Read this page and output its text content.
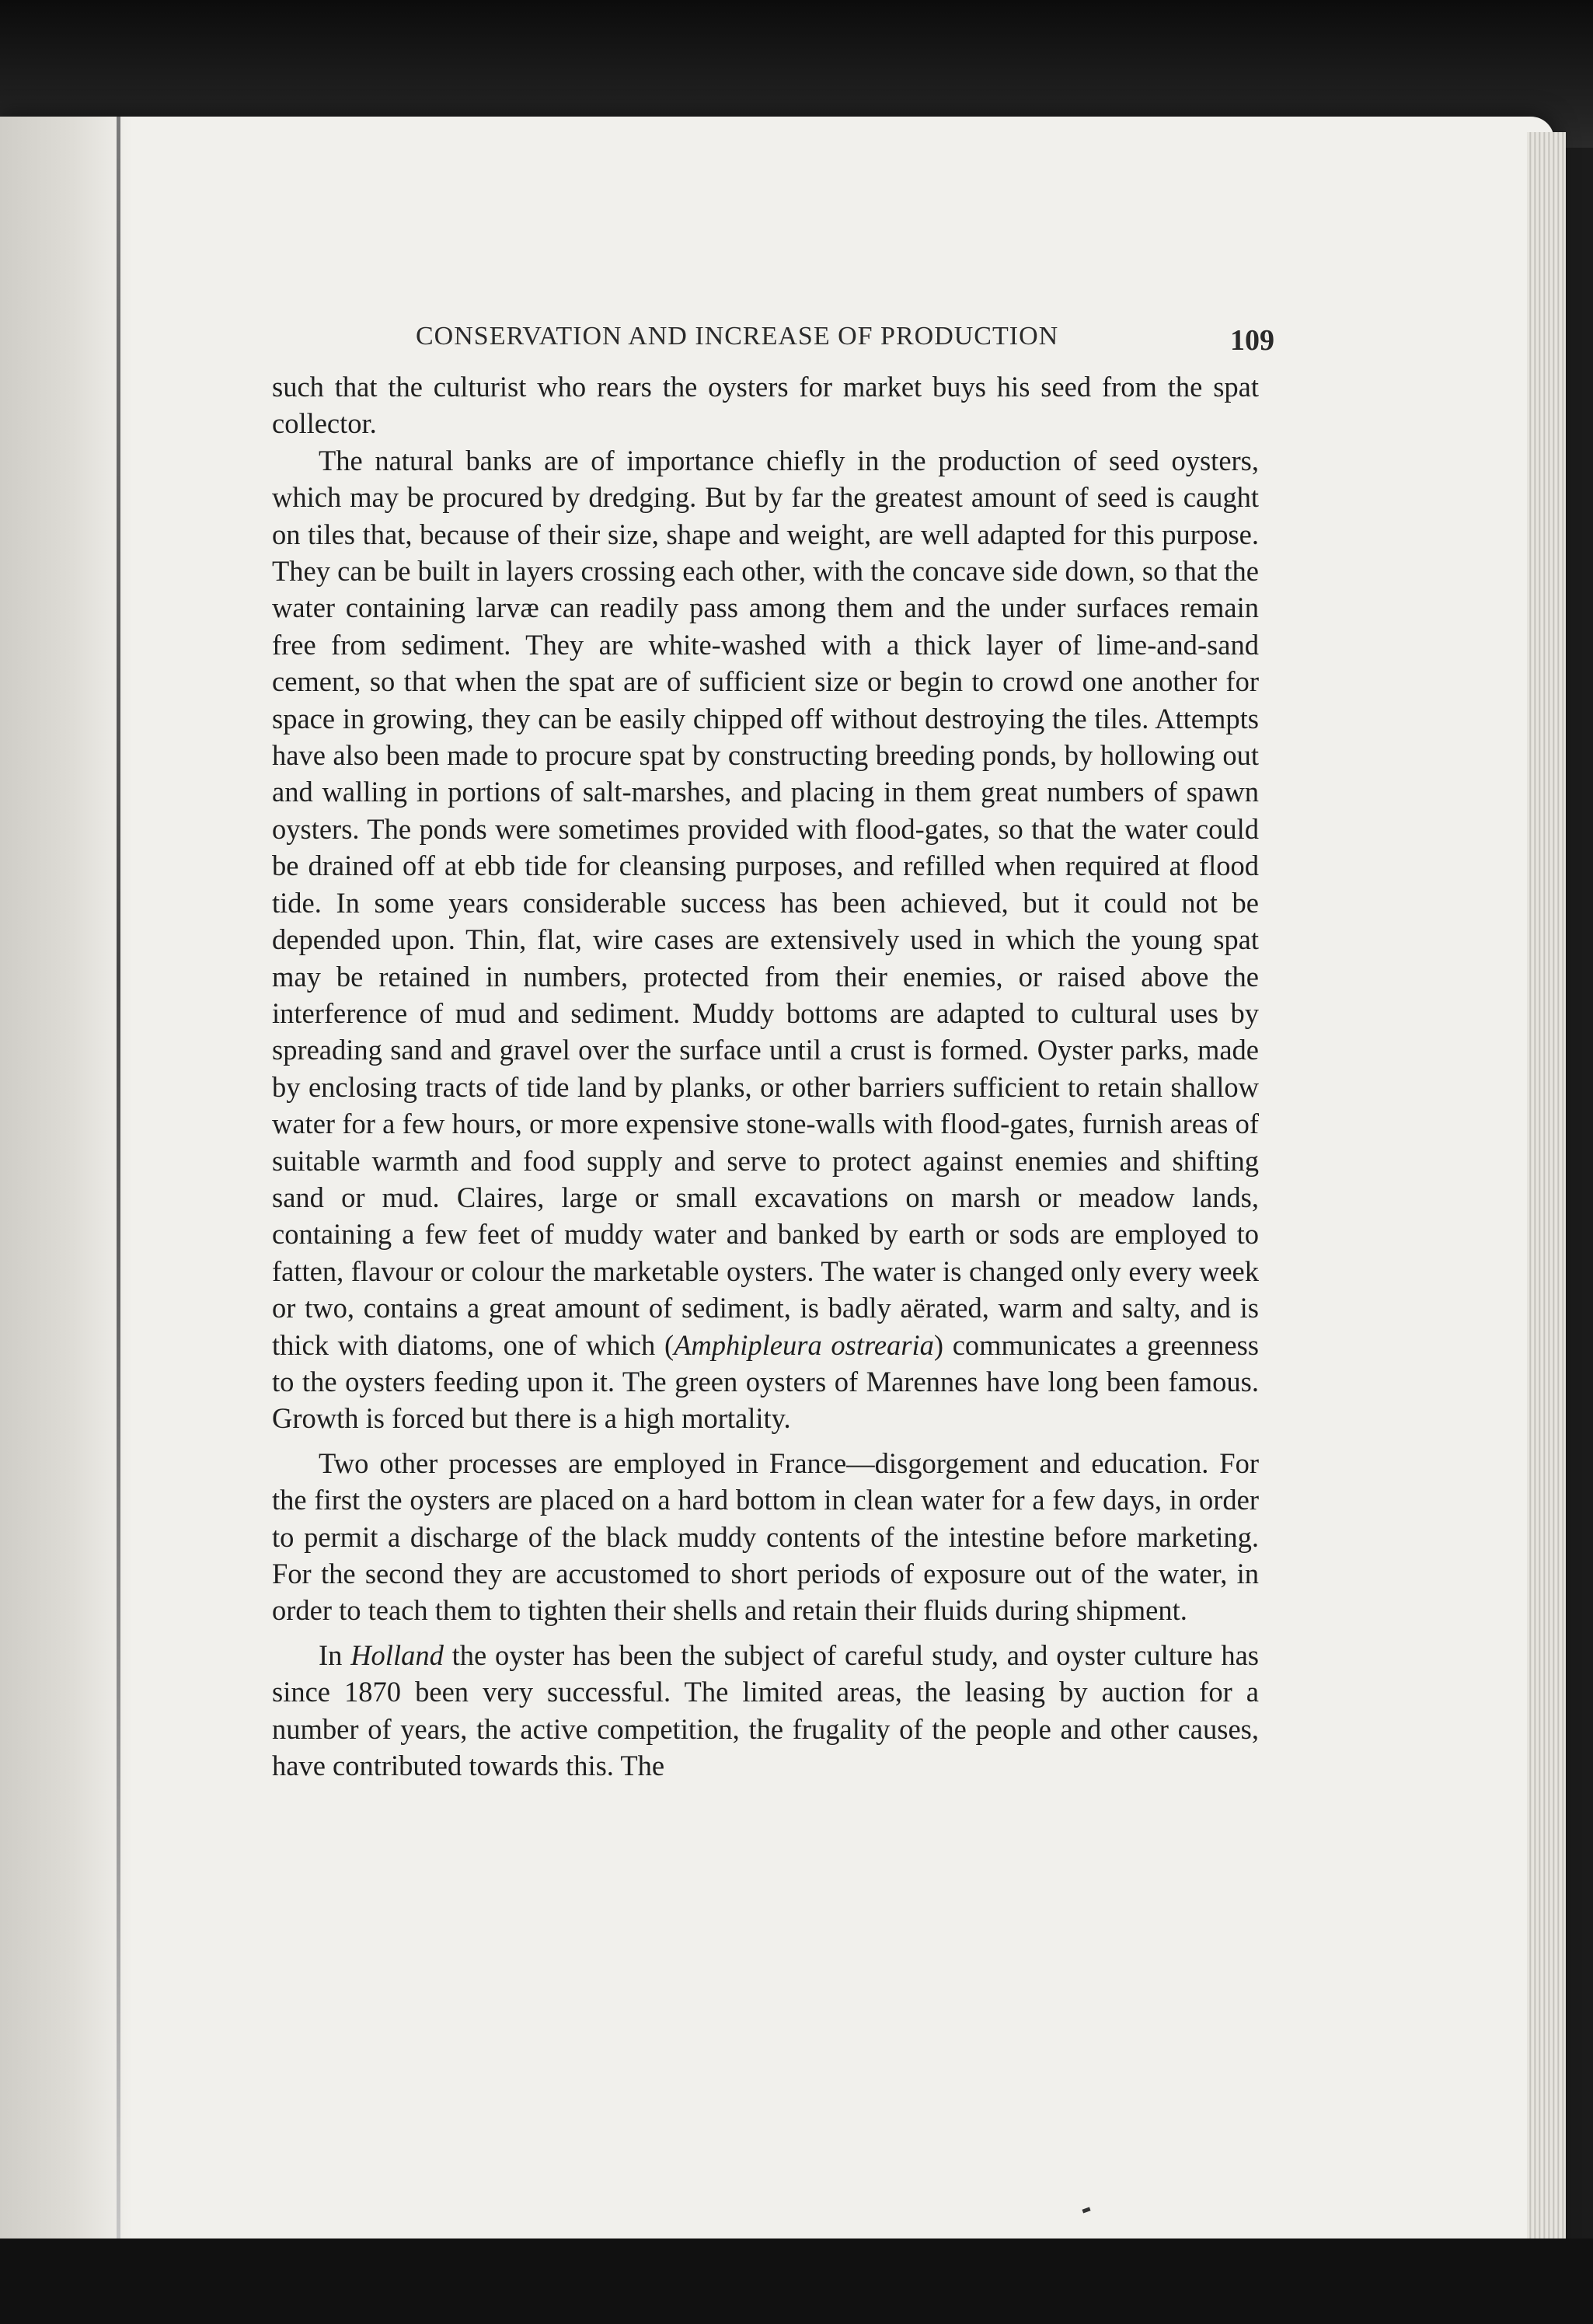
CONSERVATION AND INCREASE OF PRODUCTION	109

such that the culturist who rears the oysters for market buys his seed from the spat collector.

The natural banks are of importance chiefly in the production of seed oysters, which may be procured by dredging. But by far the greatest amount of seed is caught on tiles that, because of their size, shape and weight, are well adapted for this purpose. They can be built in layers crossing each other, with the concave side down, so that the water containing larvæ can readily pass among them and the under surfaces remain free from sediment. They are white-washed with a thick layer of lime-and-sand cement, so that when the spat are of sufficient size or begin to crowd one another for space in growing, they can be easily chipped off without destroying the tiles. Attempts have also been made to procure spat by constructing breeding ponds, by hollowing out and walling in portions of salt-marshes, and placing in them great numbers of spawn oysters. The ponds were sometimes provided with flood-gates, so that the water could be drained off at ebb tide for cleansing purposes, and refilled when required at flood tide. In some years considerable success has been achieved, but it could not be depended upon. Thin, flat, wire cases are extensively used in which the young spat may be retained in numbers, protected from their enemies, or raised above the interference of mud and sediment. Muddy bottoms are adapted to cultural uses by spreading sand and gravel over the surface until a crust is formed. Oyster parks, made by enclosing tracts of tide land by planks, or other barriers sufficient to retain shallow water for a few hours, or more expensive stone-walls with flood-gates, furnish areas of suitable warmth and food supply and serve to protect against enemies and shifting sand or mud. Claires, large or small excavations on marsh or meadow lands, containing a few feet of muddy water and banked by earth or sods are employed to fatten, flavour or colour the marketable oysters. The water is changed only every week or two, contains a great amount of sediment, is badly aërated, warm and salty, and is thick with diatoms, one of which (Amphipleura ostrearia) communicates a greenness to the oysters feeding upon it. The green oysters of Marennes have long been famous. Growth is forced but there is a high mortality.

Two other processes are employed in France—disgorgement and education. For the first the oysters are placed on a hard bottom in clean water for a few days, in order to permit a discharge of the black muddy contents of the intestine before marketing. For the second they are accustomed to short periods of exposure out of the water, in order to teach them to tighten their shells and retain their fluids during shipment.

In Holland the oyster has been the subject of careful study, and oyster culture has since 1870 been very successful. The limited areas, the leasing by auction for a number of years, the active competition, the frugality of the people and other causes, have contributed towards this. The
